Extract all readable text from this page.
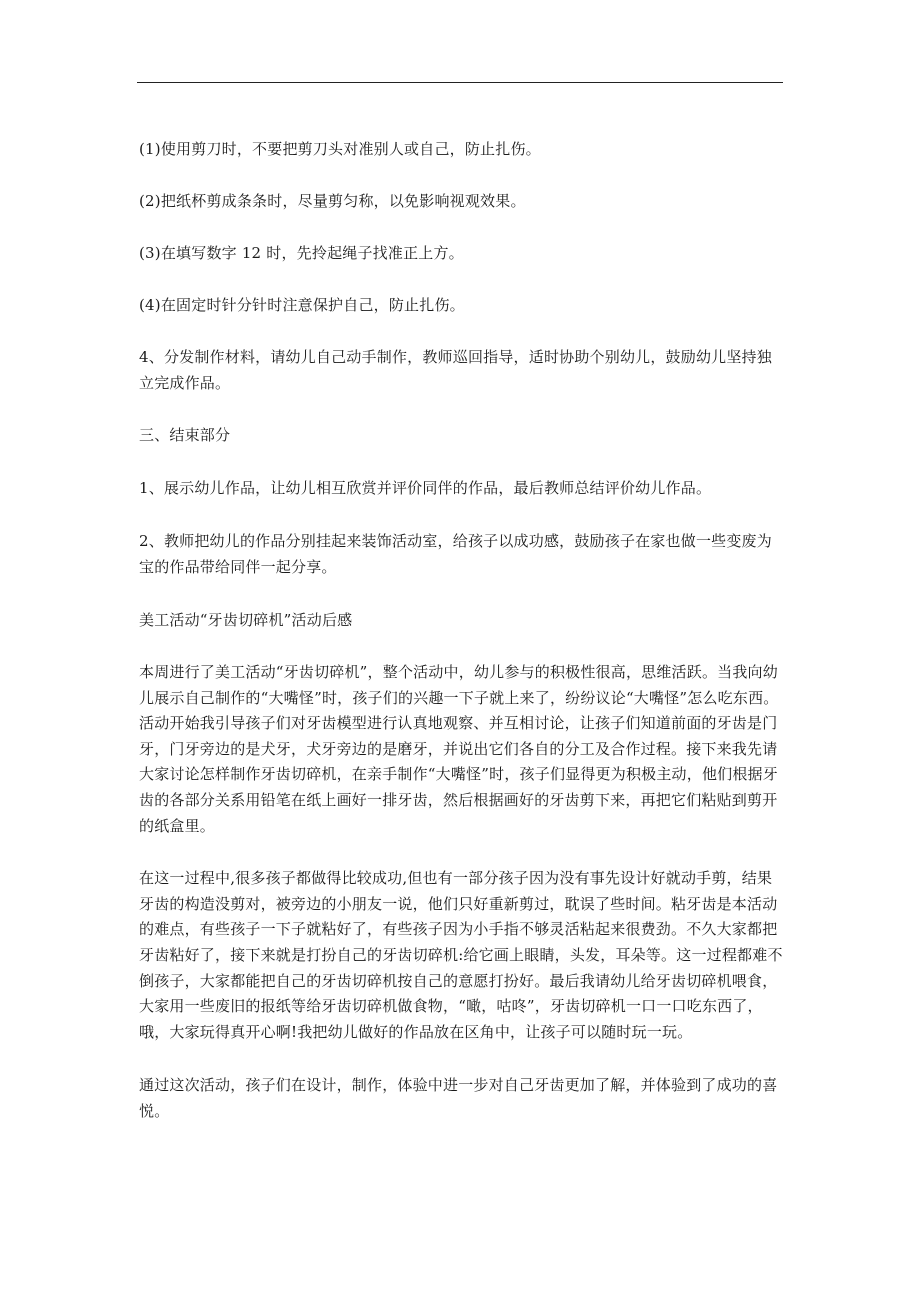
(1)使用剪刀时，不要把剪刀头对准别人或自己，防止扎伤。

(2)把纸杯剪成条条时，尽量剪匀称，以免影响视观效果。

(3)在填写数字 12 时，先拎起绳子找准正上方。

(4)在固定时针分针时注意保护自己，防止扎伤。

4、分发制作材料，请幼儿自己动手制作，教师巡回指导，适时协助个别幼儿，鼓励幼儿坚持独立完成作品。

三、结束部分

1、展示幼儿作品，让幼儿相互欣赏并评价同伴的作品，最后教师总结评价幼儿作品。

2、教师把幼儿的作品分别挂起来装饰活动室，给孩子以成功感，鼓励孩子在家也做一些变废为宝的作品带给同伴一起分享。

美工活动“牙齿切碎机”活动后感

本周进行了美工活动“牙齿切碎机”，整个活动中，幼儿参与的积极性很高，思维活跃。当我向幼儿展示自己制作的“大嘴怪”时，孩子们的兴趣一下子就上来了，纷纷议论“大嘴怪”怎么吃东西。活动开始我引导孩子们对牙齿模型进行认真地观察、并互相讨论，让孩子们知道前面的牙齿是门牙，门牙旁边的是犬牙，犬牙旁边的是磨牙，并说出它们各自的分工及合作过程。接下来我先请大家讨论怎样制作牙齿切碎机，在亲手制作“大嘴怪”时，孩子们显得更为积极主动，他们根据牙齿的各部分关系用铅笔在纸上画好一排牙齿，然后根据画好的牙齿剪下来，再把它们粘贴到剪开的纸盒里。

在这一过程中,很多孩子都做得比较成功,但也有一部分孩子因为没有事先设计好就动手剪，结果牙齿的构造没剪对，被旁边的小朋友一说，他们只好重新剪过，耽误了些时间。粘牙齿是本活动的难点，有些孩子一下子就粘好了，有些孩子因为小手指不够灵活粘起来很费劲。不久大家都把牙齿粘好了，接下来就是打扮自己的牙齿切碎机:给它画上眼睛，头发，耳朵等。这一过程都难不倒孩子，大家都能把自己的牙齿切碎机按自己的意愿打扮好。最后我请幼儿给牙齿切碎机喂食，大家用一些废旧的报纸等给牙齿切碎机做食物，“噉，咕咚”，牙齿切碎机一口一口吃东西了，哦，大家玩得真开心啊!我把幼儿做好的作品放在区角中，让孩子可以随时玩一玩。

通过这次活动，孩子们在设计，制作，体验中进一步对自己牙齿更加了解，并体验到了成功的喜悦。
